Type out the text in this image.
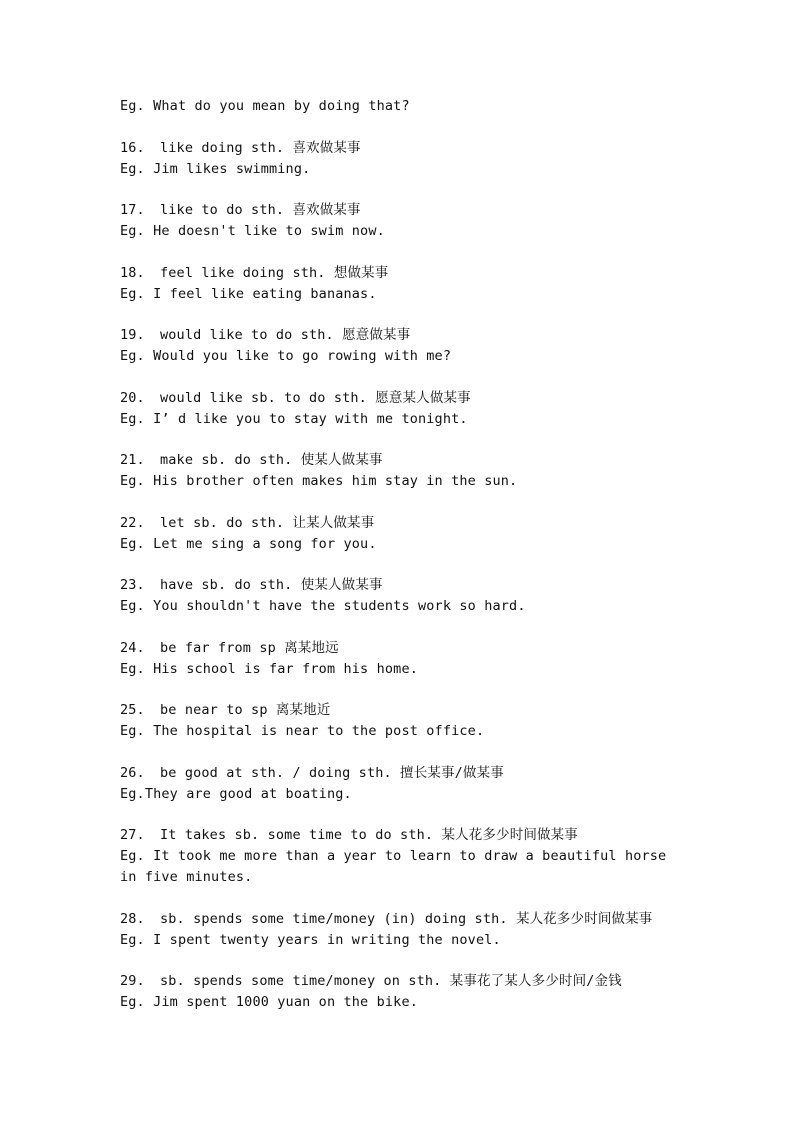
Eg. What do you mean by doing that?
16. like doing sth. 喜欢做某事
Eg. Jim likes swimming.
17. like to do sth. 喜欢做某事
Eg. He doesn't like to swim now.
18. feel like doing sth. 想做某事
Eg. I feel like eating bananas.
19. would like to do sth. 愿意做某事
Eg. Would you like to go rowing with me?
20. would like sb. to do sth. 愿意某人做某事
Eg. I’ d like you to stay with me tonight.
21. make sb. do sth. 使某人做某事
Eg. His brother often makes him stay in the sun.
22. let sb. do sth. 让某人做某事
Eg. Let me sing a song for you.
23. have sb. do sth. 使某人做某事
Eg. You shouldn't have the students work so hard.
24. be far from sp 离某地远
Eg. His school is far from his home.
25. be near to sp 离某地近
Eg. The hospital is near to the post office.
26. be good at sth. / doing sth. 擅长某事/做某事
Eg.They are good at boating.
27. It takes sb. some time to do sth. 某人花多少时间做某事
Eg. It took me more than a year to learn to draw a beautiful horse in five minutes.
28. sb. spends some time/money (in) doing sth. 某人花多少时间做某事
Eg. I spent twenty years in writing the novel.
29. sb. spends some time/money on sth. 某事花了某人多少时间/金钱
Eg. Jim spent 1000 yuan on the bike.
